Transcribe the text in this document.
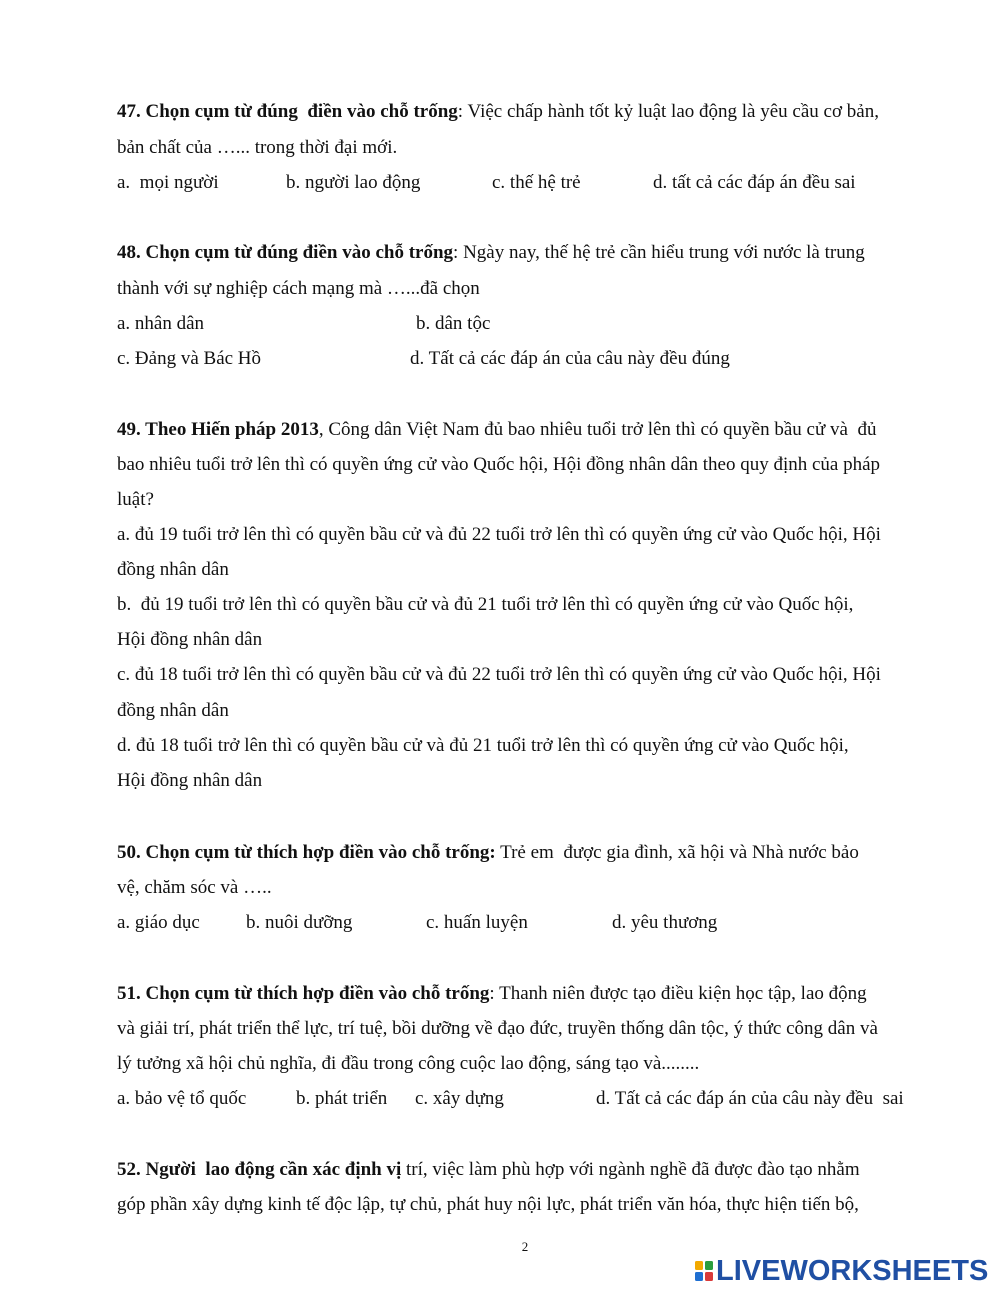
47. Chọn cụm từ đúng  điền vào chỗ trống: Việc chấp hành tốt kỷ luật lao động là yêu cầu cơ bản,
bản chất của …... trong thời đại mới.
a.  mọi người	b. người lao động	c. thế hệ trẻ	d. tất cả các đáp án đều sai
48. Chọn cụm từ đúng điền vào chỗ trống: Ngày nay, thế hệ trẻ cần hiểu trung với nước là trung
thành với sự nghiệp cách mạng mà …...đã chọn
a. nhân dân	b. dân tộc
c. Đảng và Bác Hồ	d. Tất cả các đáp án của câu này đều đúng
49. Theo Hiến pháp 2013, Công dân Việt Nam đủ bao nhiêu tuổi trở lên thì có quyền bầu cử và  đủ
bao nhiêu tuổi trở lên thì có quyền ứng cử vào Quốc hội, Hội đồng nhân dân theo quy định của pháp
luật?
a. đủ 19 tuổi trở lên thì có quyền bầu cử và đủ 22 tuổi trở lên thì có quyền ứng cử vào Quốc hội, Hội
đồng nhân dân
b.  đủ 19 tuổi trở lên thì có quyền bầu cử và đủ 21 tuổi trở lên thì có quyền ứng cử vào Quốc hội,
Hội đồng nhân dân
c. đủ 18 tuổi trở lên thì có quyền bầu cử và đủ 22 tuổi trở lên thì có quyền ứng cử vào Quốc hội, Hội
đồng nhân dân
d. đủ 18 tuổi trở lên thì có quyền bầu cử và đủ 21 tuổi trở lên thì có quyền ứng cử vào Quốc hội,
Hội đồng nhân dân
50. Chọn cụm từ thích hợp điền vào chỗ trống: Trẻ em  được gia đình, xã hội và Nhà nước bảo
vệ, chăm sóc và …..
a. giáo dục b. nuôi dưỡng	c. huấn luyện	d. yêu thương
51. Chọn cụm từ thích hợp điền vào chỗ trống: Thanh niên được tạo điều kiện học tập, lao động
và giải trí, phát triển thể lực, trí tuệ, bồi dưỡng về đạo đức, truyền thống dân tộc, ý thức công dân và
lý tưởng xã hội chủ nghĩa, đi đầu trong công cuộc lao động, sáng tạo và........
a. bảo vệ tổ quốc	b. phát triển c. xây dựng	d. Tất cả các đáp án của câu này đều  sai
52. Người  lao động cần xác định vị trí, việc làm phù hợp với ngành nghề đã được đào tạo nhằm
góp phần xây dựng kinh tế độc lập, tự chủ, phát huy nội lực, phát triển văn hóa, thực hiện tiến bộ,
2
LIVEWORKSHEETS
